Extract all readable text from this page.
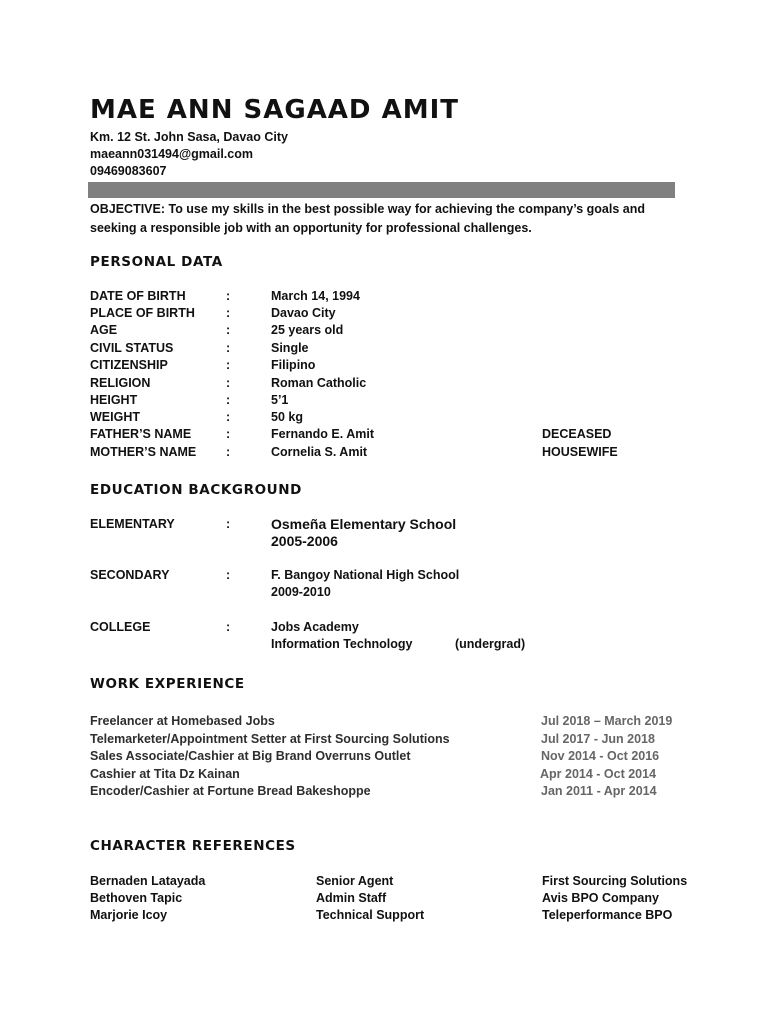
MAE ANN SAGAAD AMIT
Km. 12 St. John Sasa, Davao City
maeann031494@gmail.com
09469083607
OBJECTIVE: To use my skills in the best possible way for achieving the company’s goals and seeking a responsible job with an opportunity for professional challenges.
PERSONAL DATA
DATE OF BIRTH	:	March 14, 1994
PLACE OF BIRTH :	Davao City
AGE	:	25 years old
CIVIL STATUS	:	Single
CITIZENSHIP	:	Filipino
RELIGION	:	Roman Catholic
HEIGHT	:	5’1
WEIGHT	:	50 kg
FATHER’S NAME	:	Fernando E. Amit	DECEASED
MOTHER’S NAME :	Cornelia S. Amit	HOUSEWIFE
EDUCATION BACKGROUND
ELEMENTARY	:	Osmeña Elementary School
2005-2006
SECONDARY	:	F. Bangoy National High School
2009-2010
COLLEGE	:	Jobs Academy
Information Technology	(undergrad)
WORK EXPERIENCE
Freelancer at Homebased Jobs	Jul 2018 – March 2019
Telemarketer/Appointment Setter at First Sourcing Solutions	Jul 2017 - Jun 2018
Sales Associate/Cashier at Big Brand Overruns Outlet	Nov 2014 - Oct 2016
Cashier at Tita Dz Kainan	Apr 2014 - Oct 2014
Encoder/Cashier at Fortune Bread Bakeshoppe	Jan 2011 - Apr 2014
CHARACTER REFERENCES
Bernaden Latayada	Senior Agent	First Sourcing Solutions
Bethoven Tapic	Admin Staff	Avis BPO Company
Marjorie Icoy	Technical Support	Teleperformance BPO
